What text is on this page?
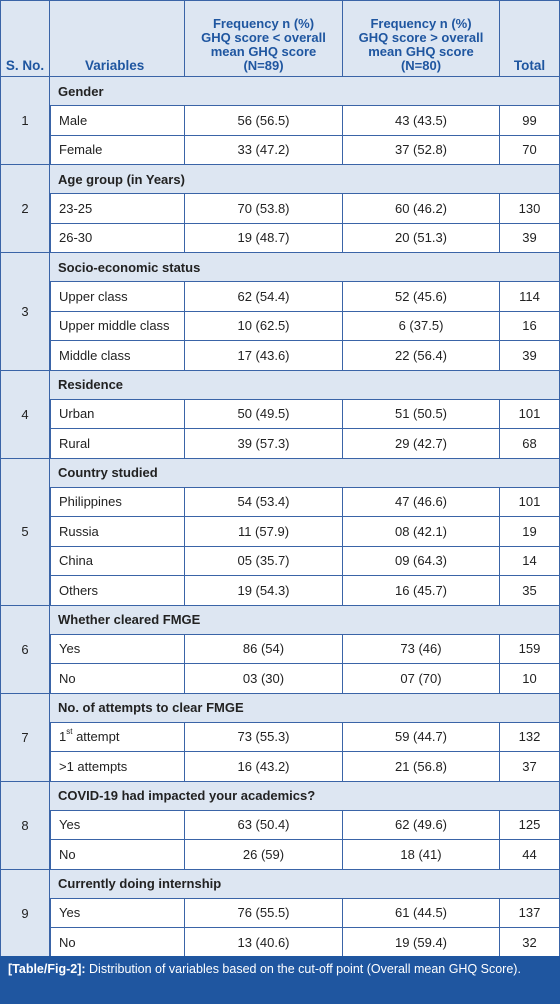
S. No.	Variables	Frequency n (%) GHQ score < overall mean GHQ score (N=89)	Frequency n (%) GHQ score > overall mean GHQ score (N=80)	Total
1	Gender			
	Male	56 (56.5)	43 (43.5)	99
	Female	33 (47.2)	37 (52.8)	70
2	Age group (in Years)			
	23-25	70 (53.8)	60 (46.2)	130
	26-30	19 (48.7)	20 (51.3)	39
3	Socio-economic status			
	Upper class	62 (54.4)	52 (45.6)	114
	Upper middle class	10 (62.5)	6 (37.5)	16
	Middle class	17 (43.6)	22 (56.4)	39
4	Residence			
	Urban	50 (49.5)	51 (50.5)	101
	Rural	39 (57.3)	29 (42.7)	68
5	Country studied			
	Philippines	54 (53.4)	47 (46.6)	101
	Russia	11 (57.9)	08 (42.1)	19
	China	05 (35.7)	09 (64.3)	14
	Others	19 (54.3)	16 (45.7)	35
6	Whether cleared FMGE			
	Yes	86 (54)	73 (46)	159
	No	03 (30)	07 (70)	10
7	No. of attempts to clear FMGE			
	1st attempt	73 (55.3)	59 (44.7)	132
	>1 attempts	16 (43.2)	21 (56.8)	37
8	COVID-19 had impacted your academics?			
	Yes	63 (50.4)	62 (49.6)	125
	No	26 (59)	18 (41)	44
9	Currently doing internship			
	Yes	76 (55.5)	61 (44.5)	137
	No	13 (40.6)	19 (59.4)	32
[Table/Fig-2]: Distribution of variables based on the cut-off point (Overall mean GHQ Score).
